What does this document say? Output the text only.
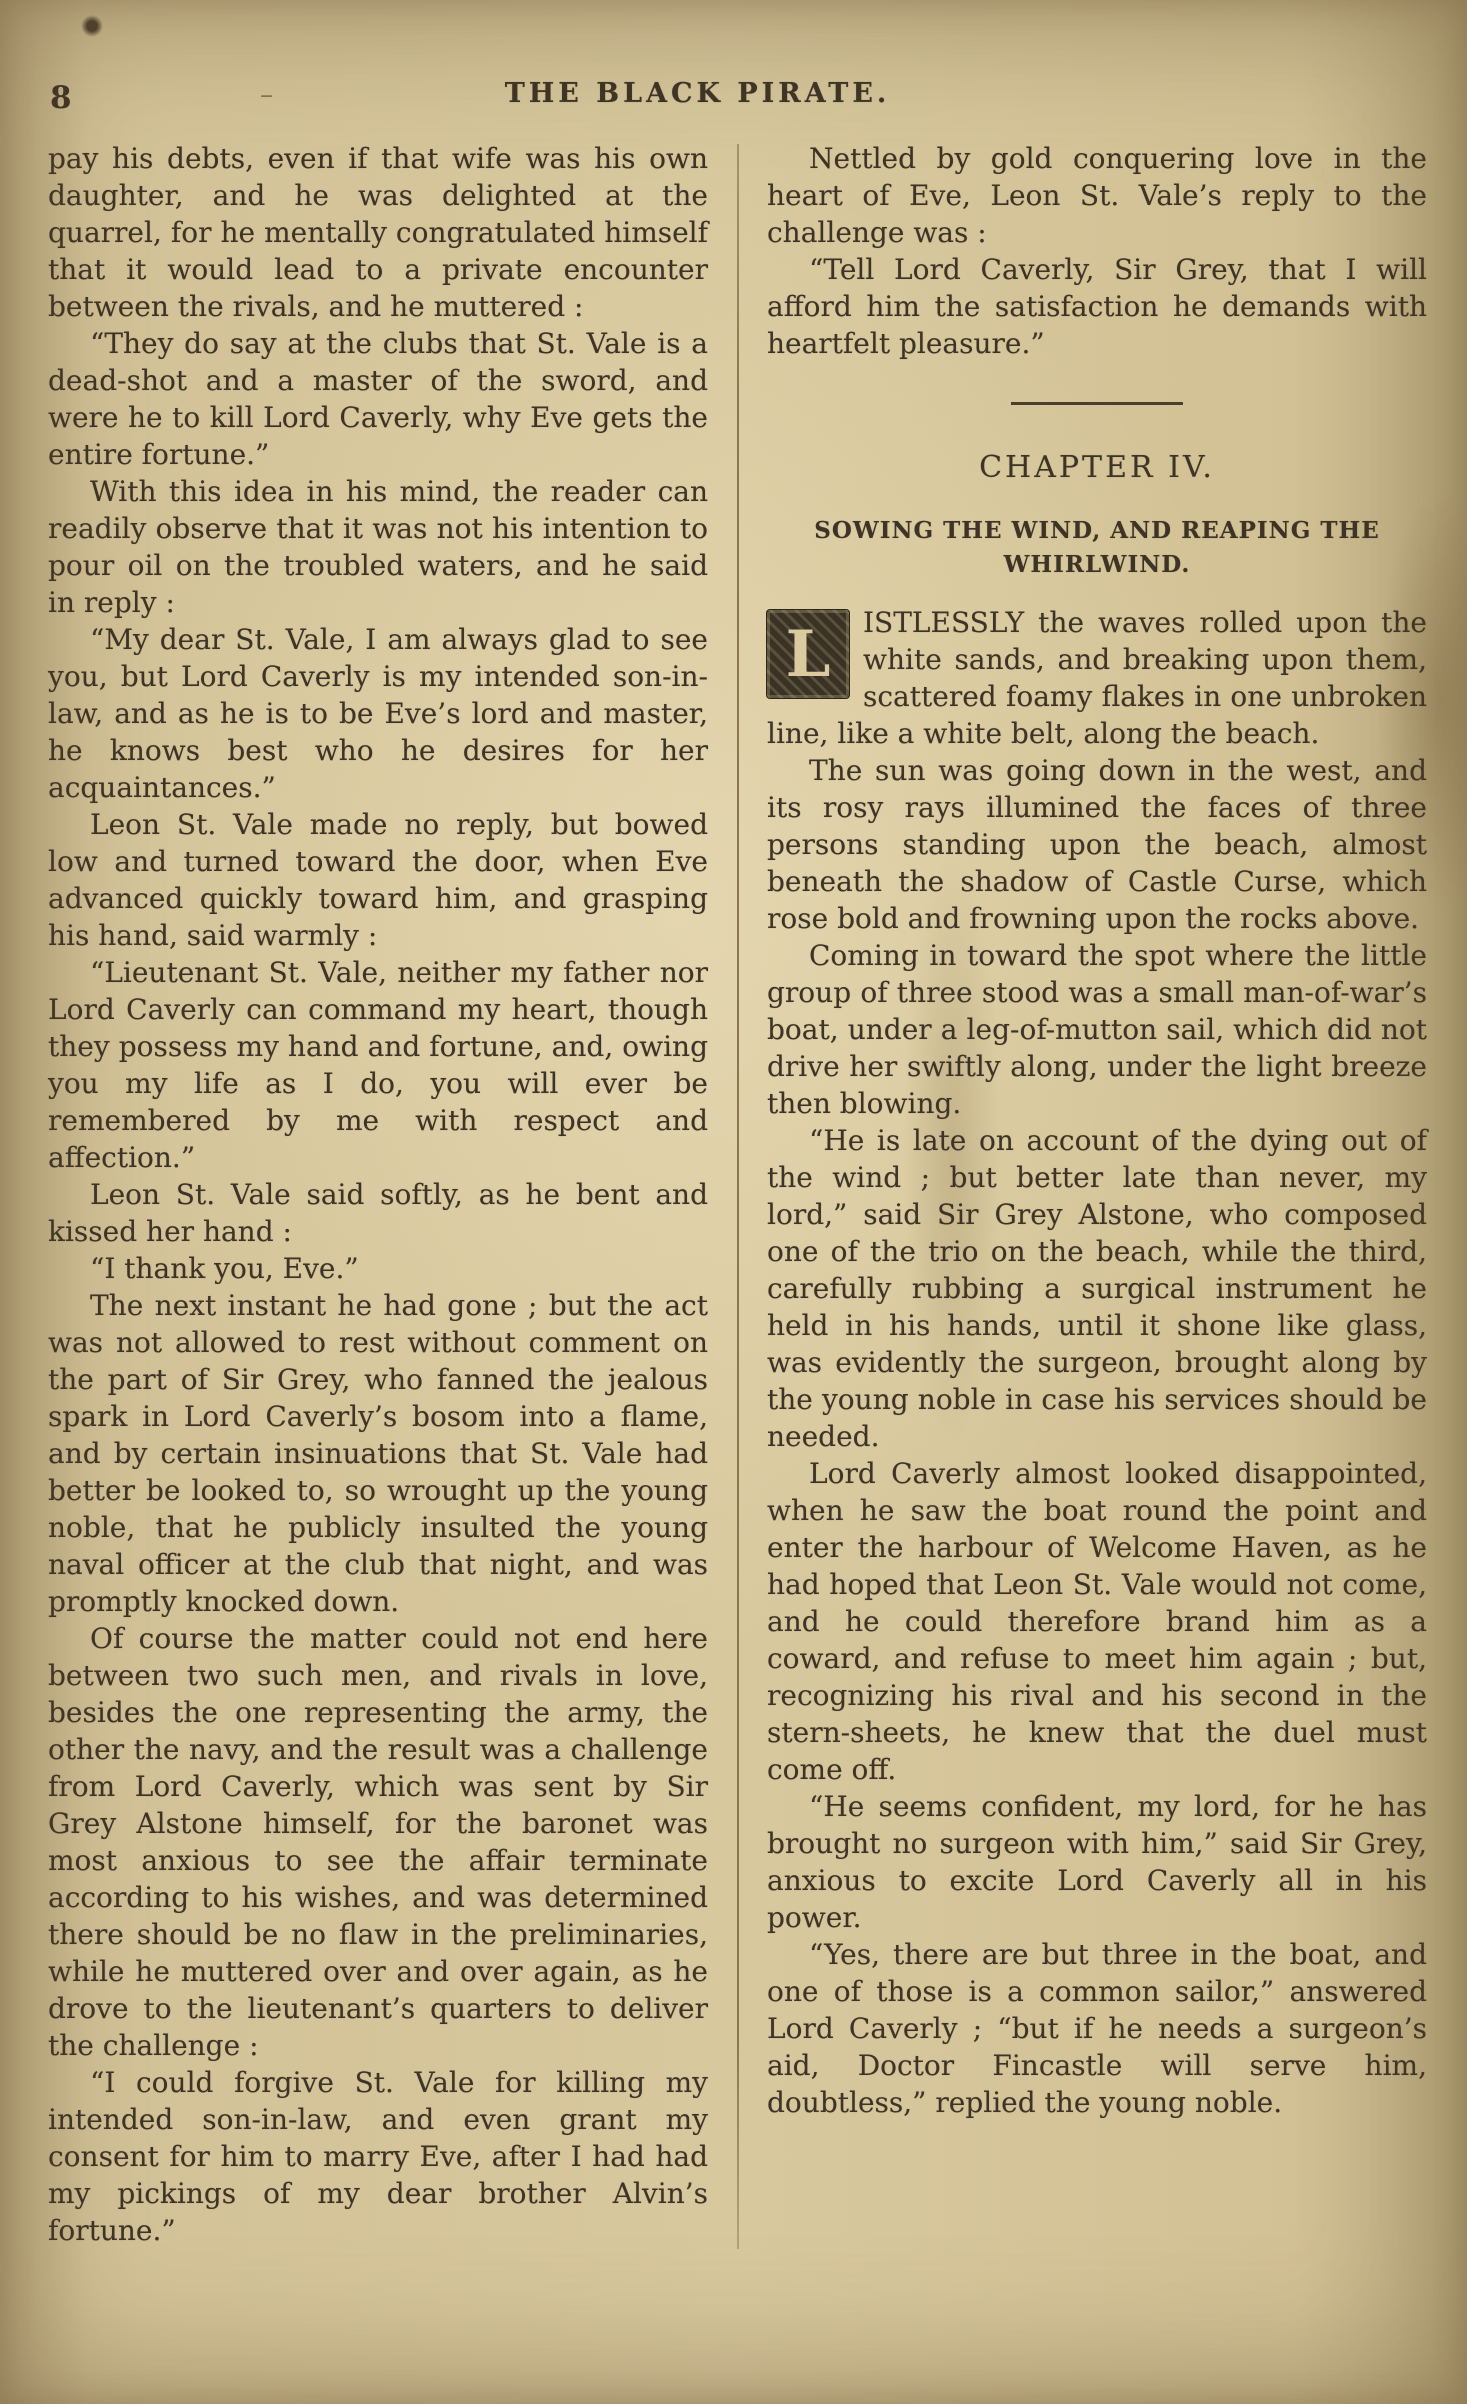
8	–	THE BLACK PIRATE.

pay his debts, even if that wife was his own daughter, and he was delighted at the quarrel, for he mentally congratulated himself that it would lead to a private encounter between the rivals, and he muttered :

“They do say at the clubs that St. Vale is a dead-shot and a master of the sword, and were he to kill Lord Caverly, why Eve gets the entire fortune.”

With this idea in his mind, the reader can readily observe that it was not his intention to pour oil on the troubled waters, and he said in reply :

“My dear St. Vale, I am always glad to see you, but Lord Caverly is my intended son-in-law, and as he is to be Eve’s lord and master, he knows best who he desires for her acquaintances.”

Leon St. Vale made no reply, but bowed low and turned toward the door, when Eve advanced quickly toward him, and grasping his hand, said warmly :

“Lieutenant St. Vale, neither my father nor Lord Caverly can command my heart, though they possess my hand and fortune, and, owing you my life as I do, you will ever be remembered by me with respect and affection.”

Leon St. Vale said softly, as he bent and kissed her hand :

“I thank you, Eve.”

The next instant he had gone ; but the act was not allowed to rest without comment on the part of Sir Grey, who fanned the jealous spark in Lord Caverly’s bosom into a flame, and by certain insinuations that St. Vale had better be looked to, so wrought up the young noble, that he publicly insulted the young naval officer at the club that night, and was promptly knocked down.

Of course the matter could not end here between two such men, and rivals in love, besides the one representing the army, the other the navy, and the result was a challenge from Lord Caverly, which was sent by Sir Grey Alstone himself, for the baronet was most anxious to see the affair terminate according to his wishes, and was determined there should be no flaw in the preliminaries, while he muttered over and over again, as he drove to the lieutenant’s quarters to deliver the challenge :

“I could forgive St. Vale for killing my intended son-in-law, and even grant my consent for him to marry Eve, after I had had my pickings of my dear brother Alvin’s fortune.”

Nettled by gold conquering love in the heart of Eve, Leon St. Vale’s reply to the challenge was :

“Tell Lord Caverly, Sir Grey, that I will afford him the satisfaction he demands with heartfelt pleasure.”

CHAPTER IV.
SOWING THE WIND, AND REAPING THE WHIRLWIND.

L	ISTLESSLY the waves rolled upon the white sands, and breaking upon them, scattered foamy flakes in one unbroken line, like a white belt, along the beach.

The sun was going down in the west, and its rosy rays illumined the faces of three persons standing upon the beach, almost beneath the shadow of Castle Curse, which rose bold and frowning upon the rocks above.

Coming in toward the spot where the little group of three stood was a small man-of-war’s boat, under a leg-of-mutton sail, which did not drive her swiftly along, under the light breeze then blowing.

“He is late on account of the dying out of the wind ; but better late than never, my lord,” said Sir Grey Alstone, who composed one of the trio on the beach, while the third, carefully rubbing a surgical instrument he held in his hands, until it shone like glass, was evidently the surgeon, brought along by the young noble in case his services should be needed.

Lord Caverly almost looked disappointed, when he saw the boat round the point and enter the harbour of Welcome Haven, as he had hoped that Leon St. Vale would not come, and he could therefore brand him as a coward, and refuse to meet him again ; but, recognizing his rival and his second in the stern-sheets, he knew that the duel must come off.

“He seems confident, my lord, for he has brought no surgeon with him,” said Sir Grey, anxious to excite Lord Caverly all in his power.

“Yes, there are but three in the boat, and one of those is a common sailor,” answered Lord Caverly ; “but if he needs a surgeon’s aid, Doctor Fincastle will serve him, doubtless,” replied the young noble.
